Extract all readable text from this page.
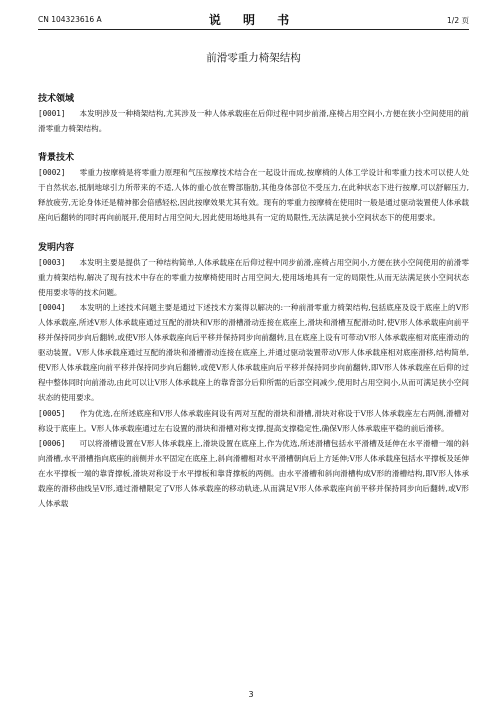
CN 104323616 A	说 明 书	1/2 页
前滑零重力椅架结构
技术领域

[0001] 本发明涉及一种椅架结构,尤其涉及一种人体承载座在后仰过程中同步前滑,座椅占用空间小,方便在狭小空间使用的前滑零重力椅架结构。

背景技术

[0002] 零重力按摩椅是将零重力原理和气压按摩技术结合在一起设计而成,按摩椅的人体工学设计和零重力技术可以使人处于自然状态,抵制地球引力所带来的不适,人体的重心放在臀部脂肪,其他身体部位不受压力,在此种状态下进行按摩,可以舒解压力,释放疲劳,无论身体还是精神都会倍感轻松,因此按摩效果尤其有效。现有的零重力按摩椅在使用时一般是通过驱动装置使人体承载座向后翻转的同时再向前展开,使用时占用空间大,因此使用场地具有一定的局限性,无法满足狭小空间状态下的使用要求。

发明内容

[0003] 本发明主要是提供了一种结构简单,人体承载座在后仰过程中同步前滑,座椅占用空间小,方便在狭小空间使用的前滑零重力椅架结构,解决了现有技术中存在的零重力按摩椅使用时占用空间大,使用场地具有一定的局限性,从而无法满足狭小空间状态使用要求等的技术问题。

[0004] 本发明的上述技术问题主要是通过下述技术方案得以解决的:一种前滑零重力椅架结构,包括底座及设于底座上的V形人体承载座,所述V形人体承载座通过互配的滑块和V形的滑槽滑动连接在底座上,滑块和滑槽互配滑动时,使V形人体承载座向前平移并保持同步向后翻转,或使V形人体承载座向后平移并保持同步向前翻转,且在底座上设有可带动V形人体承载座相对底座滑动的驱动装置。V形人体承载座通过互配的滑块和滑槽滑动连接在底座上,并通过驱动装置带动V形人体承载座相对底座滑移,结构简单,使V形人体承载座向前平移并保持同步向后翻转,或使V形人体承载座向后平移并保持同步向前翻转,即V形人体承载座在后仰的过程中整体同时向前滑动,由此可以让V形人体承载座上的靠背部分后仰所需的后部空间减少,使用时占用空间小,从而可满足狭小空间状态的使用要求。

[0005] 作为优选,在所述底座和V形人体承载座间设有两对互配的滑块和滑槽,滑块对称设于V形人体承载座左右两侧,滑槽对称设于底座上。V形人体承载座通过左右设置的滑块和滑槽对称支撑,提高支撑稳定性,确保V形人体承载座平稳的前后滑移。

[0006] 可以将滑槽设置在V形人体承载座上,滑块设置在底座上,作为优选,所述滑槽包括水平滑槽及延伸在水平滑槽一端的斜向滑槽,水平滑槽指向底座的前侧并水平固定在底座上,斜向滑槽相对水平滑槽朝向后上方延伸;V形人体承载座包括水平撑板及延伸在水平撑板一端的靠背撑板,滑块对称设于水平撑板和靠背撑板的两侧。由水平滑槽和斜向滑槽构成V形的滑槽结构,即V形人体承载座的滑移曲线呈V形,通过滑槽限定了V形人体承载座的移动轨迹,从而满足V形人体承载座向前平移并保持同步向后翻转,或V形人体承载

3
